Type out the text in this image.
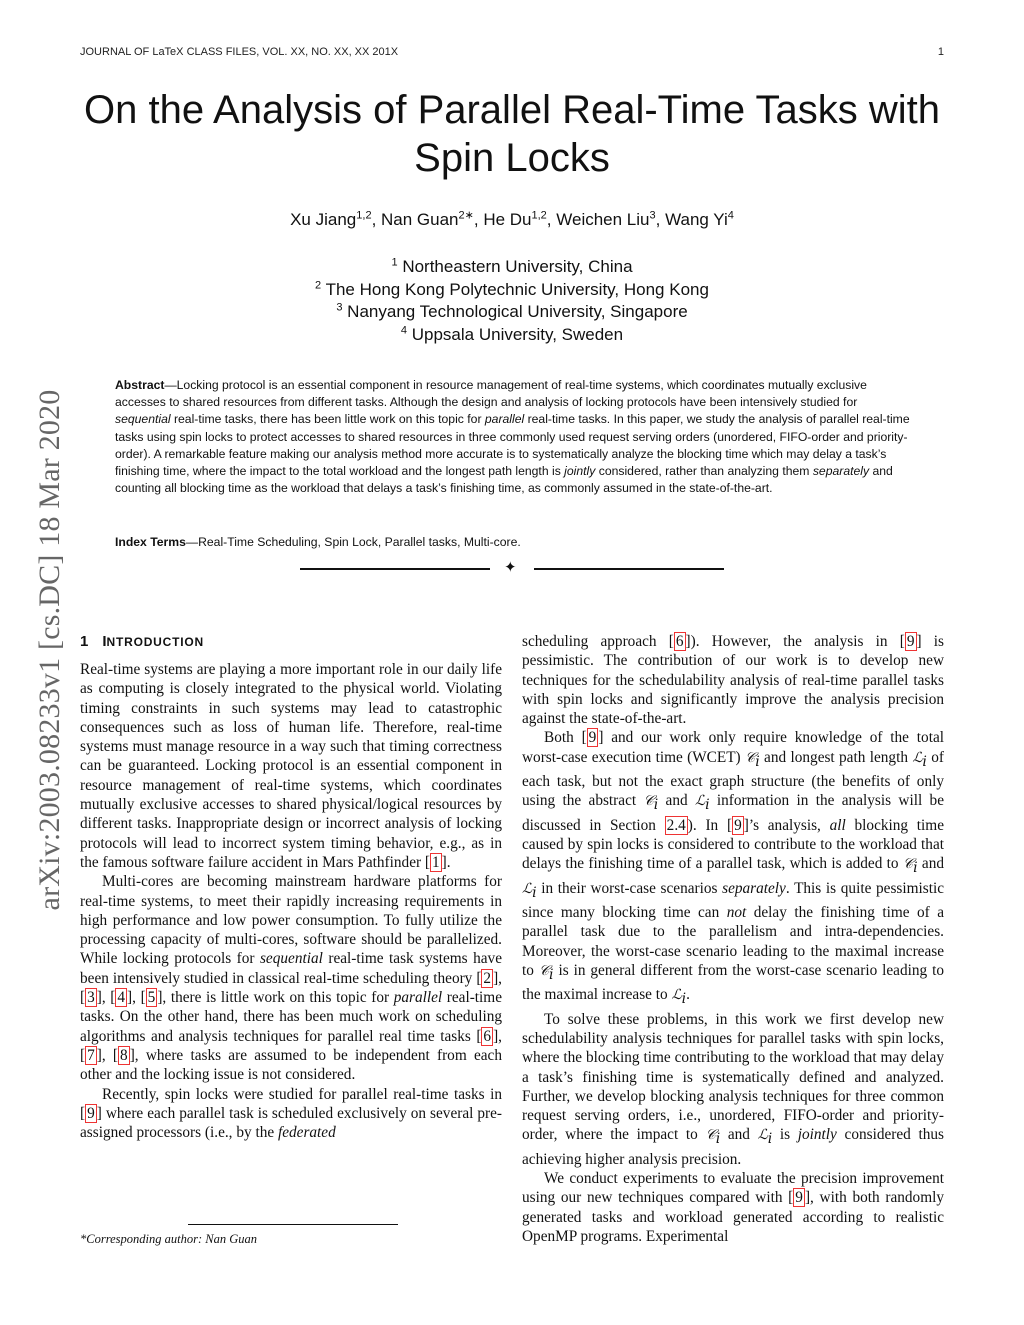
JOURNAL OF LaTeX CLASS FILES, VOL. XX, NO. XX, XX 201X	1
On the Analysis of Parallel Real-Time Tasks with Spin Locks
Xu Jiang$^{1,2}$, Nan Guan$^{2∗}$, He Du$^{1,2}$, Weichen Liu$^3$, Wang Yi$^4$
$^1$ Northeastern University, China
$^2$ The Hong Kong Polytechnic University, Hong Kong
$^3$ Nanyang Technological University, Singapore
$^4$ Uppsala University, Sweden
arXiv:2003.08233v1 [cs.DC] 18 Mar 2020

Abstract—Locking protocol is an essential component in resource management of real-time systems, which coordinates mutually exclusive accesses to shared resources from different tasks. Although the design and analysis of locking protocols have been intensively studied for sequential real-time tasks, there has been little work on this topic for parallel real-time tasks. In this paper, we study the analysis of parallel real-time tasks using spin locks to protect accesses to shared resources in three commonly used request serving orders (unordered, FIFO-order and priority-order). A remarkable feature making our analysis method more accurate is to systematically analyze the blocking time which may delay a task’s finishing time, where the impact to the total workload and the longest path length is jointly considered, rather than analyzing them separately and counting all blocking time as the workload that delays a task’s finishing time, as commonly assumed in the state-of-the-art.

Index Terms—Real-Time Scheduling, Spin Lock, Parallel tasks, Multi-core.
✦
1 INTRODUCTION

Real-time systems are playing a more important role in our daily life as computing is closely integrated to the physical world. Violating timing constraints in such systems may lead to catastrophic consequences such as loss of human life. Therefore, real-time systems must manage resource in a way such that timing correctness can be guaranteed. Locking protocol is an essential component in resource management of real-time systems, which coordinates mutually exclusive accesses to shared physical/logical resources by different tasks. Inappropriate design or incorrect analysis of locking protocols will lead to incorrect system timing behavior, e.g., as in the famous software failure accident in Mars Pathfinder [ 1 ].

Multi-cores are becoming mainstream hardware platforms for real-time systems, to meet their rapidly increasing requirements in high performance and low power consumption. To fully utilize the processing capacity of multi-cores, software should be parallelized. While locking protocols for sequential real-time task systems have been intensively studied in classical real-time scheduling theory [ 2 ], [ 3 ], [ 4 ], [ 5 ], there is little work on this topic for parallel real-time tasks. On the other hand, there has been much work on scheduling algorithms and analysis techniques for parallel real time tasks [ 6 ], [ 7 ], [ 8 ], where tasks are assumed to be independent from each other and the locking issue is not considered.

Recently, spin locks were studied for parallel real-time tasks in [ 9 ] where each parallel task is scheduled exclusively on several pre-assigned processors (i.e., by the federated

scheduling approach [ 6 ]). However, the analysis in [ 9 ] is pessimistic. The contribution of our work is to develop new techniques for the schedulability analysis of real-time parallel tasks with spin locks and significantly improve the analysis precision against the state-of-the-art.

Both [ 9 ] and our work only require knowledge of the total worst-case execution time (WCET) 𝒞$_i$ and longest path length ℒ$_i$ of each task, but not the exact graph structure (the benefits of only using the abstract 𝒞$_i$ and ℒ$_i$ information in the analysis will be discussed in Section 2.4 ). In [ 9 ]’s analysis, all blocking time caused by spin locks is considered to contribute to the workload that delays the finishing time of a parallel task, which is added to 𝒞$_i$ and ℒ$_i$ in their worst-case scenarios separately. This is quite pessimistic since many blocking time can not delay the finishing time of a parallel task due to the parallelism and intra-dependencies. Moreover, the worst-case scenario leading to the maximal increase to 𝒞$_i$ is in general different from the worst-case scenario leading to the maximal increase to ℒ$_i$.

To solve these problems, in this work we first develop new schedulability analysis techniques for parallel tasks with spin locks, where the blocking time contributing to the workload that may delay a task’s finishing time is systematically defined and analyzed. Further, we develop blocking analysis techniques for three common request serving orders, i.e., unordered, FIFO-order and priority-order, where the impact to 𝒞$_i$ and ℒ$_i$ is jointly considered thus achieving higher analysis precision.

We conduct experiments to evaluate the precision improvement using our new techniques compared with [ 9 ], with both randomly generated tasks and workload generated according to realistic OpenMP programs. Experimental

*Corresponding author: Nan Guan
